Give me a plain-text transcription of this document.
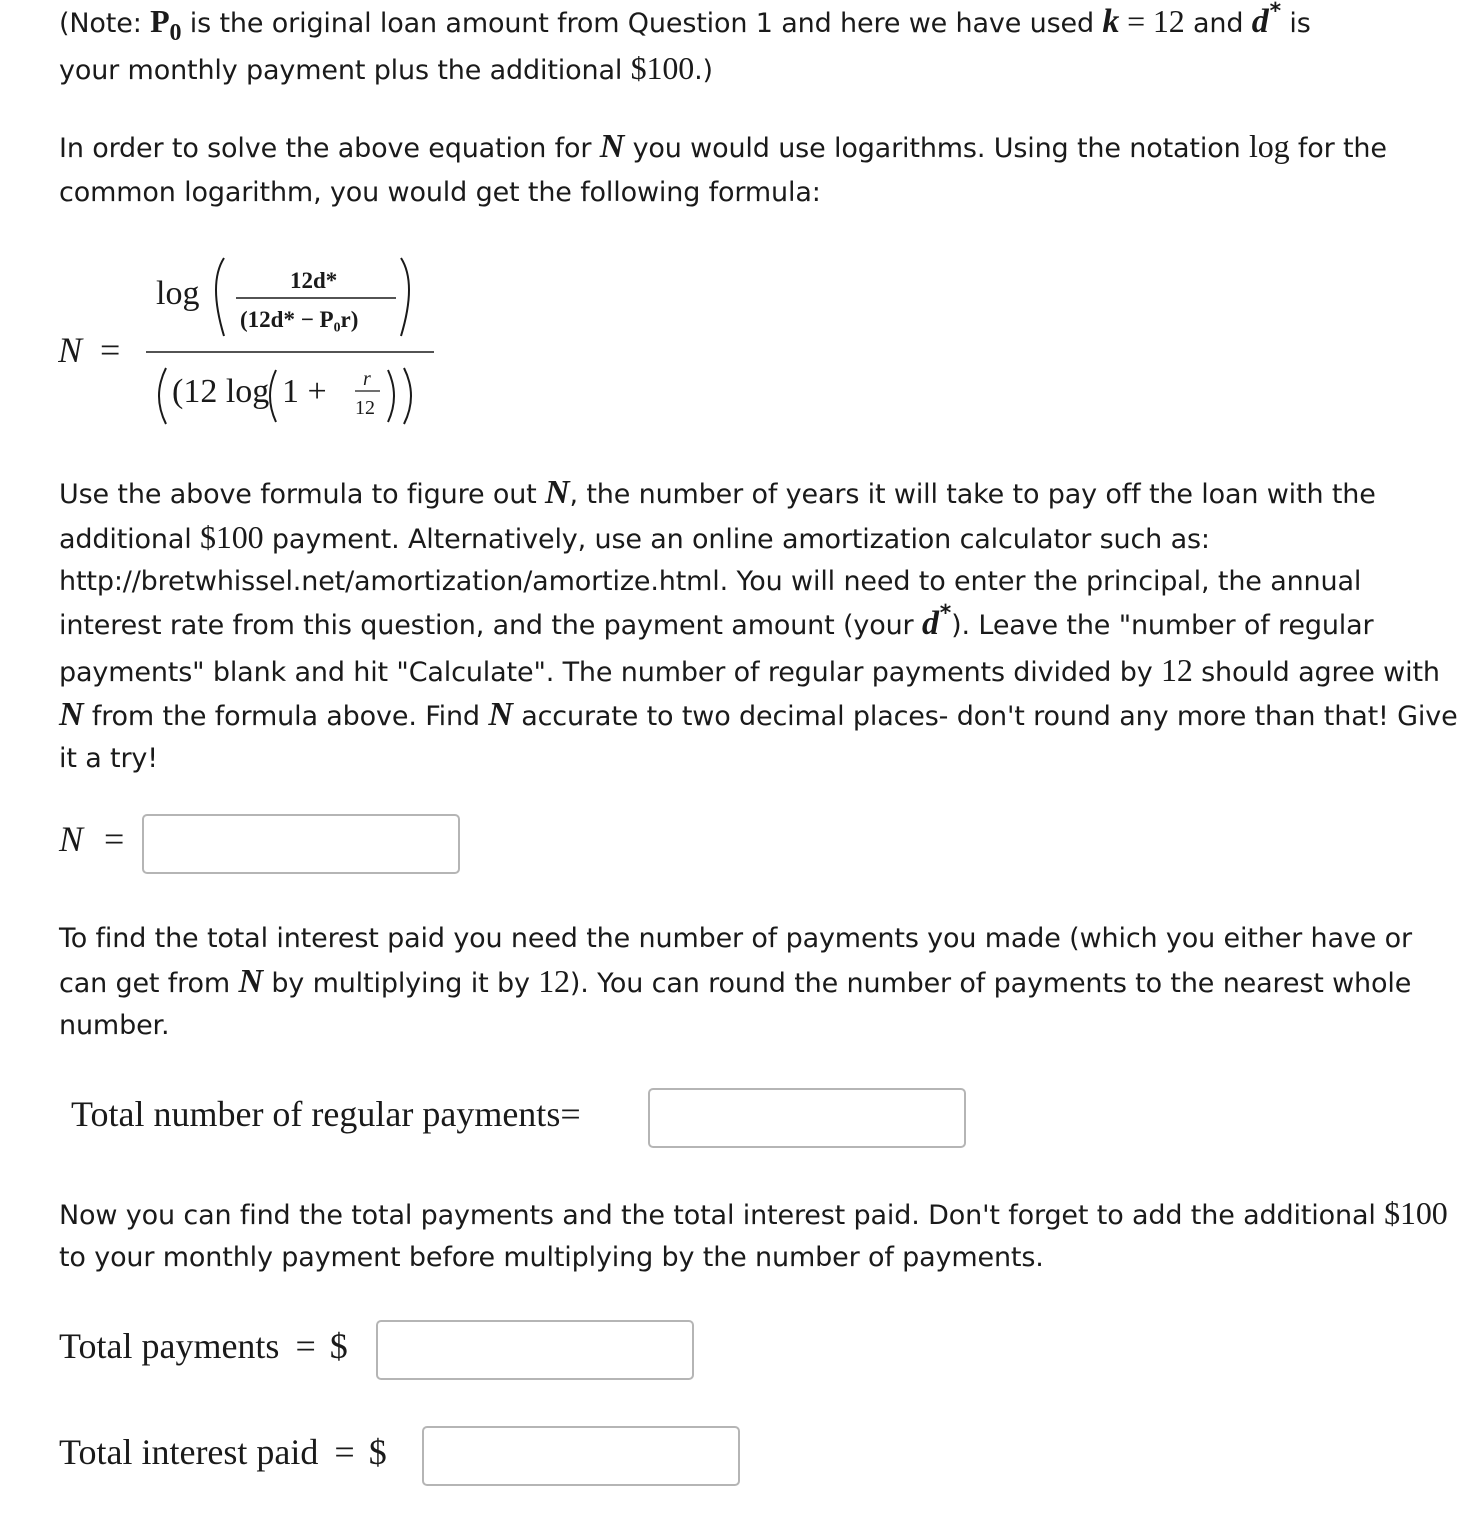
(Note: P0 is the original loan amount from Question 1 and here we have used k = 12 and d* is
your monthly payment plus the additional $100.)
In order to solve the above equation for N you would use logarithms. Using the notation log for the common logarithm, you would get the following formula:
N =
log	12d*
(12d* − P₀r)
(12 log 1 + r
12
Use the above formula to figure out N, the number of years it will take to pay off the loan with the additional $100 payment. Alternatively, use an online amortization calculator such as: http://bretwhissel.net/amortization/amortize.html. You will need to enter the principal, the annual interest rate from this question, and the payment amount (your d*). Leave the "number of regular payments" blank and hit "Calculate". The number of regular payments divided by 12 should agree with N from the formula above. Find N accurate to two decimal places- don't round any more than that! Give it a try!
N =
To find the total interest paid you need the number of payments you made (which you either have or can get from N by multiplying it by 12). You can round the number of payments to the nearest whole number.
Total number of regular payments=
Now you can find the total payments and the total interest paid. Don't forget to add the additional $100 to your monthly payment before multiplying by the number of payments.
Total payments = $
Total interest paid = $
